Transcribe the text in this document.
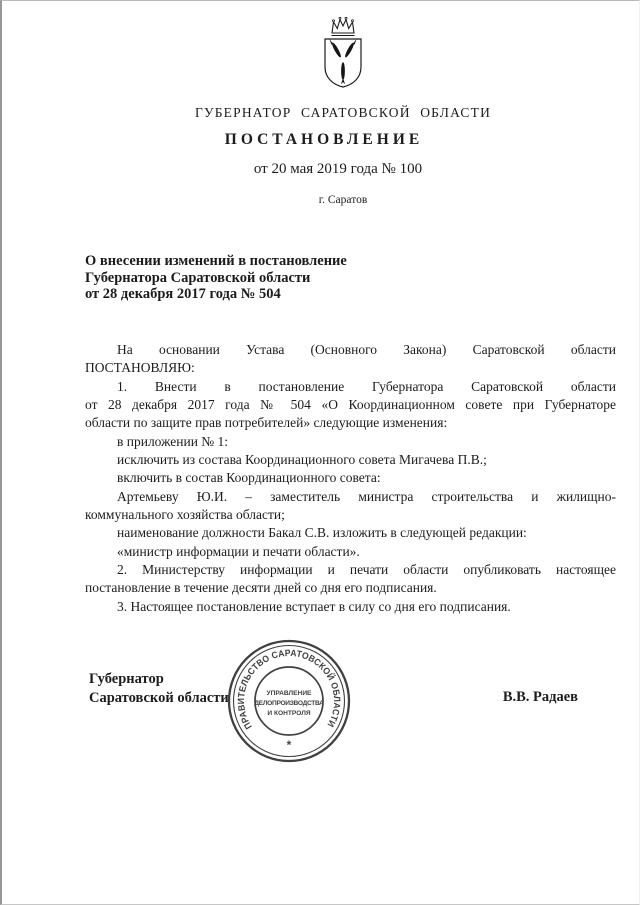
ГУБЕРНАТОР САРАТОВСКОЙ ОБЛАСТИ
ПОСТАНОВЛЕНИЕ
от 20 мая 2019 года № 100
г. Саратов
О внесении изменений в постановление
Губернатора Саратовской области
от 28 декабря 2017 года № 504
На основании Устава (Основного Закона) Саратовской области
ПОСТАНОВЛЯЮ:
1. Внести в постановление Губернатора Саратовской области
от 28 декабря 2017 года № 504 «О Координационном совете при Губернаторе
области по защите прав потребителей» следующие изменения:
в приложении № 1:
исключить из состава Координационного совета Мигачева П.В.;
включить в состав Координационного совета:
Артемьеву Ю.И. – заместитель министра строительства и жилищно-
коммунального хозяйства области;
наименование должности Бакал С.В. изложить в следующей редакции:
«министр информации и печати области».
2. Министерству информации и печати области опубликовать настоящее
постановление в течение десяти дней со дня его подписания.
3. Настоящее постановление вступает в силу со дня его подписания.
Губернатор
Саратовской области	В.В. Радаев
ПРАВИТЕЛЬСТВО САРАТОВСКОЙ ОБЛАСТИ
*
УПРАВЛЕНИЕ
ДЕЛОПРОИЗВОДСТВА
И КОНТРОЛЯ
